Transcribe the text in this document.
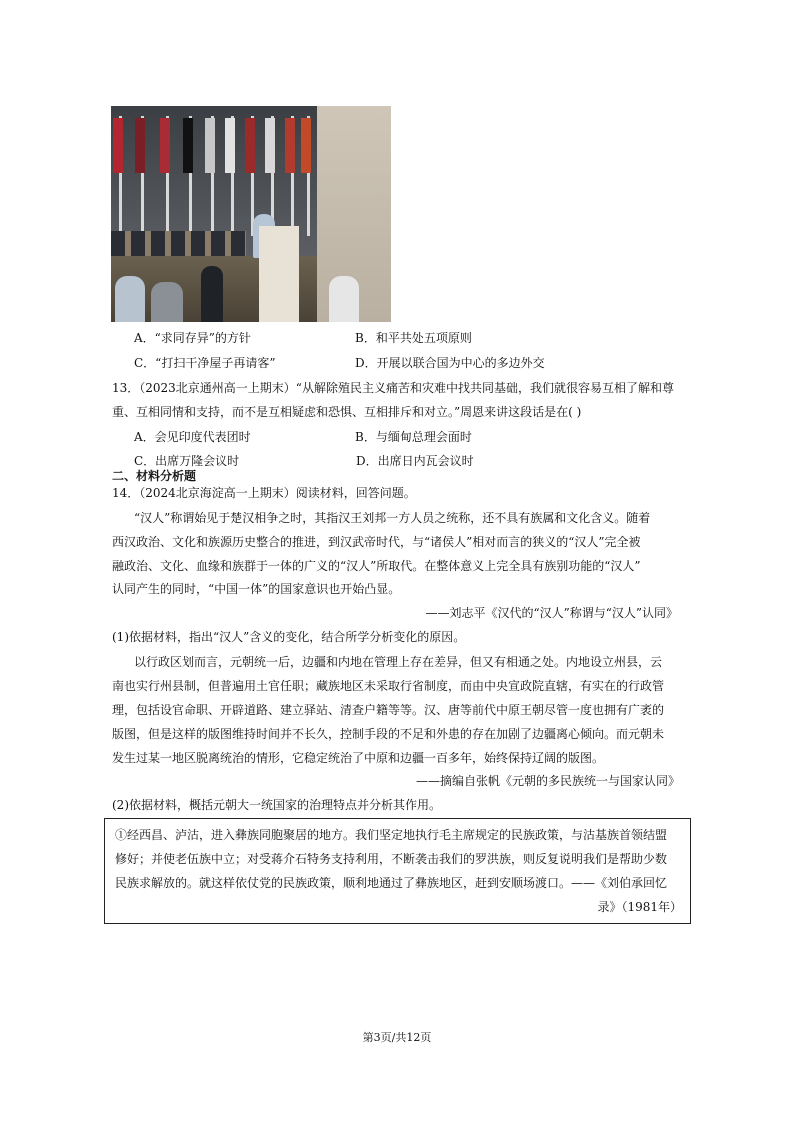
A．“求同存异”的方针	B．和平共处五项原则
C．“打扫干净屋子再请客”	D．开展以联合国为中心的多边外交
13．（2023北京通州高一上期末）“从解除殖民主义痛苦和灾难中找共同基础，我们就很容易互相了解和尊
重、互相同情和支持，而不是互相疑虑和恐惧、互相排斥和对立。”周恩来讲这段话是在( )
A．会见印度代表团时	B．与缅甸总理会面时
C．出席万隆会议时	D．出席日内瓦会议时
二、材料分析题
14．（2024北京海淀高一上期末）阅读材料，回答问题。
“汉人”称谓始见于楚汉相争之时，其指汉王刘邦一方人员之统称，还不具有族属和文化含义。随着
西汉政治、文化和族源历史整合的推进，到汉武帝时代，与“诸侯人”相对而言的狭义的“汉人”完全被
融政治、文化、血缘和族群于一体的广义的“汉人”所取代。在整体意义上完全具有族别功能的“汉人”
认同产生的同时，“中国一体”的国家意识也开始凸显。
——刘志平《汉代的“汉人”称谓与“汉人”认同》
(1)依据材料，指出“汉人”含义的变化，结合所学分析变化的原因。
以行政区划而言，元朝统一后，边疆和内地在管理上存在差异，但又有相通之处。内地设立州县，云
南也实行州县制，但普遍用土官任职；藏族地区未采取行省制度，而由中央宣政院直辖，有实在的行政管
理，包括设官命职、开辟道路、建立驿站、清查户籍等等。汉、唐等前代中原王朝尽管一度也拥有广袤的
版图，但是这样的版图维持时间并不长久，控制手段的不足和外患的存在加剧了边疆离心倾向。而元朝未
发生过某一地区脱离统治的情形，它稳定统治了中原和边疆一百多年，始终保持辽阔的版图。
——摘编自张帆《元朝的多民族统一与国家认同》
(2)依据材料，概括元朝大一统国家的治理特点并分析其作用。
①经西昌、泸沽，进入彝族同胞聚居的地方。我们坚定地执行毛主席规定的民族政策，与沽基族首领结盟
修好；并使老伍族中立；对受蒋介石特务支持利用，不断袭击我们的罗洪族，则反复说明我们是帮助少数
民族求解放的。就这样依仗党的民族政策，顺利地通过了彝族地区，赶到安顺场渡口。——《刘伯承回忆
录》（1981年）
第3页/共12页
